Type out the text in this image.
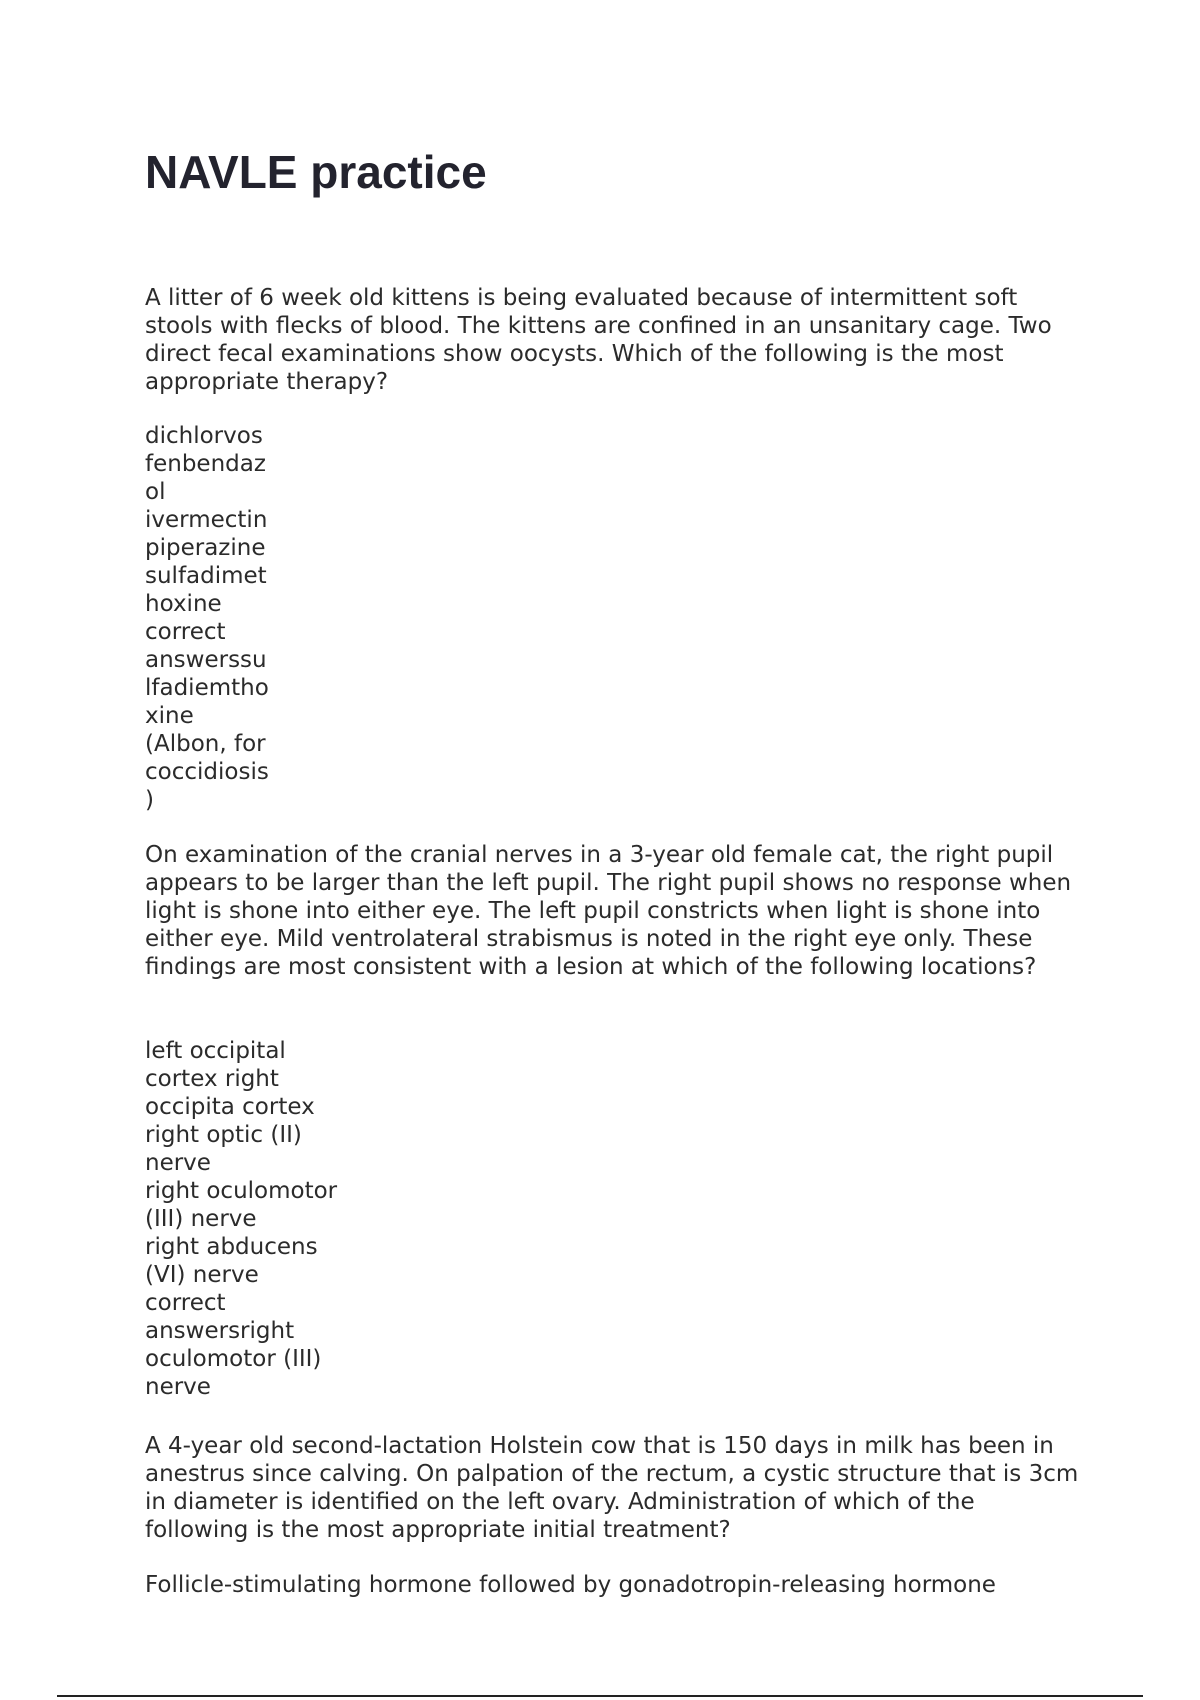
NAVLE practice

A litter of 6 week old kittens is being evaluated because of intermittent soft stools with flecks of blood. The kittens are confined in an unsanitary cage. Two direct fecal examinations show oocysts. Which of the following is the most appropriate therapy?

dichlorvos
fenbendaz
ol
ivermectin
piperazine
sulfadimet
hoxine
correct
answerssu
lfadiemtho
xine
(Albon, for
coccidiosis
)

On examination of the cranial nerves in a 3-year old female cat, the right pupil appears to be larger than the left pupil. The right pupil shows no response when light is shone into either eye. The left pupil constricts when light is shone into either eye. Mild ventrolateral strabismus is noted in the right eye only. These findings are most consistent with a lesion at which of the following locations?

left occipital
cortex right
occipita cortex
right optic (II)
nerve
right oculomotor
(III) nerve
right abducens
(VI) nerve
correct
answersright
oculomotor (III)
nerve

A 4-year old second-lactation Holstein cow that is 150 days in milk has been in anestrus since calving. On palpation of the rectum, a cystic structure that is 3cm in diameter is identified on the left ovary. Administration of which of the following is the most appropriate initial treatment?

Follicle-stimulating hormone followed by gonadotropin-releasing hormone
